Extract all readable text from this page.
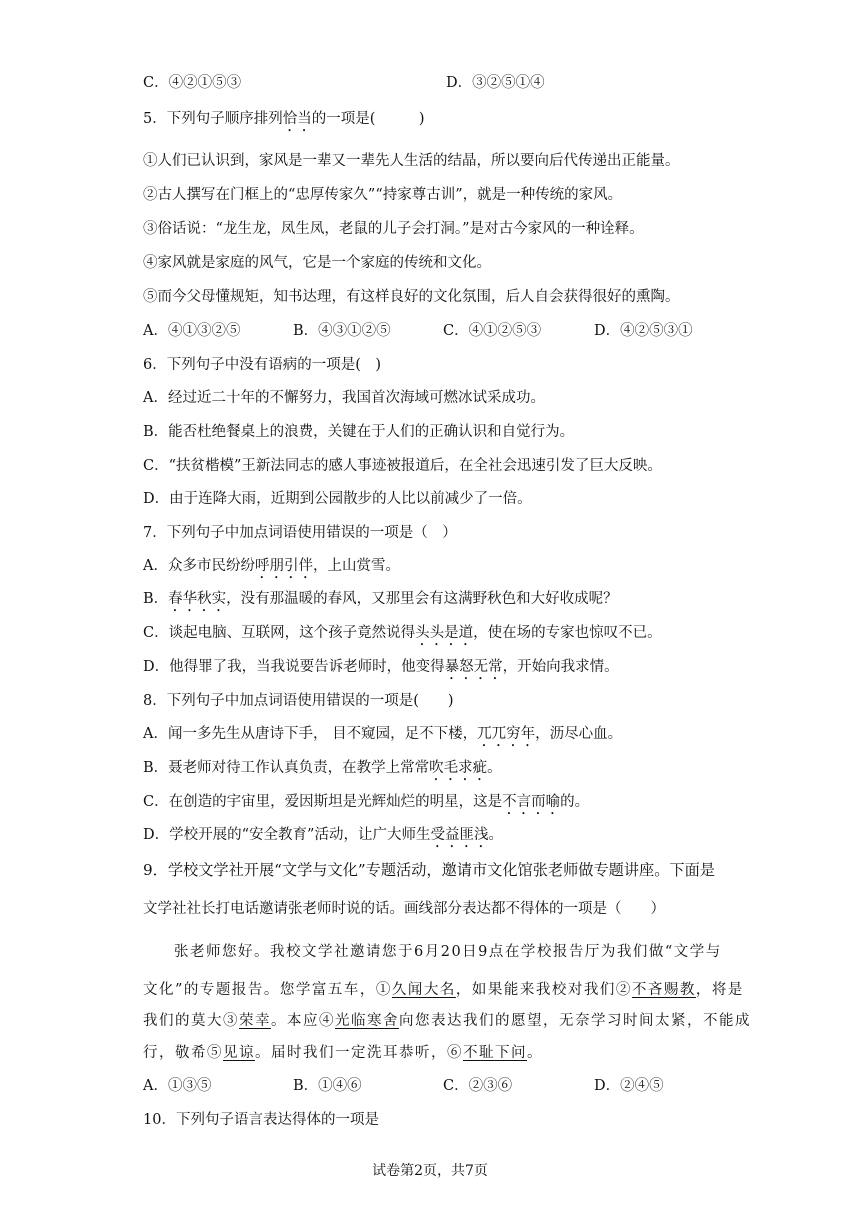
C．④②①⑤③	D．③②⑤①④
5．下列句子顺序排列恰当的一项是(　　　)
①人们已认识到，家风是一辈又一辈先人生活的结晶，所以要向后代传递出正能量。
②古人撰写在门框上的“忠厚传家久”“持家尊古训”，就是一种传统的家风。
③俗话说：“龙生龙，凤生凤，老鼠的儿子会打洞。”是对古今家风的一种诠释。
④家风就是家庭的风气，它是一个家庭的传统和文化。
⑤而今父母懂规矩，知书达理，有这样良好的文化氛围，后人自会获得很好的熏陶。
A．④①③②⑤	B．④③①②⑤	C．④①②⑤③	D．④②⑤③①
6．下列句子中没有语病的一项是(　)
A．经过近二十年的不懈努力，我国首次海域可燃冰试采成功。
B．能否杜绝餐桌上的浪费，关键在于人们的正确认识和自觉行为。
C．“扶贫楷模”王新法同志的感人事迹被报道后，在全社会迅速引发了巨大反映。
D．由于连降大雨，近期到公园散步的人比以前减少了一倍。
7．下列句子中加点词语使用错误的一项是（　）
A．众多市民纷纷呼朋引伴，上山赏雪。
B．春华秋实，没有那温暖的春风，又那里会有这满野秋色和大好收成呢？
C．谈起电脑、互联网，这个孩子竟然说得头头是道，使在场的专家也惊叹不已。
D．他得罪了我，当我说要告诉老师时，他变得暴怒无常，开始向我求情。
8．下列句子中加点词语使用错误的一项是(　　)
A．闻一多先生从唐诗下手， 目不窥园，足不下楼，兀兀穷年，沥尽心血。
B．聂老师对待工作认真负责，在教学上常常吹毛求疵。
C．在创造的宇宙里，爱因斯坦是光辉灿烂的明星，这是不言而喻的。
D．学校开展的“安全教育”活动，让广大师生受益匪浅。
9．学校文学社开展“文学与文化”专题活动，邀请市文化馆张老师做专题讲座。下面是
文学社社长打电话邀请张老师时说的话。画线部分表达都不得体的一项是（　　）
张老师您好。我校文学社邀请您于6月20日9点在学校报告厅为我们做“文学与
文化”的专题报告。您学富五车，①久闻大名，如果能来我校对我们②不吝赐教，将是
我们的莫大③荣幸。本应④光临寒舍向您表达我们的愿望，无奈学习时间太紧，不能成
行，敬希⑤见谅。届时我们一定洗耳恭听，⑥不耻下问。
A．①③⑤	B．①④⑥	C．②③⑥	D．②④⑤
10．下列句子语言表达得体的一项是
试卷第2页，共7页
